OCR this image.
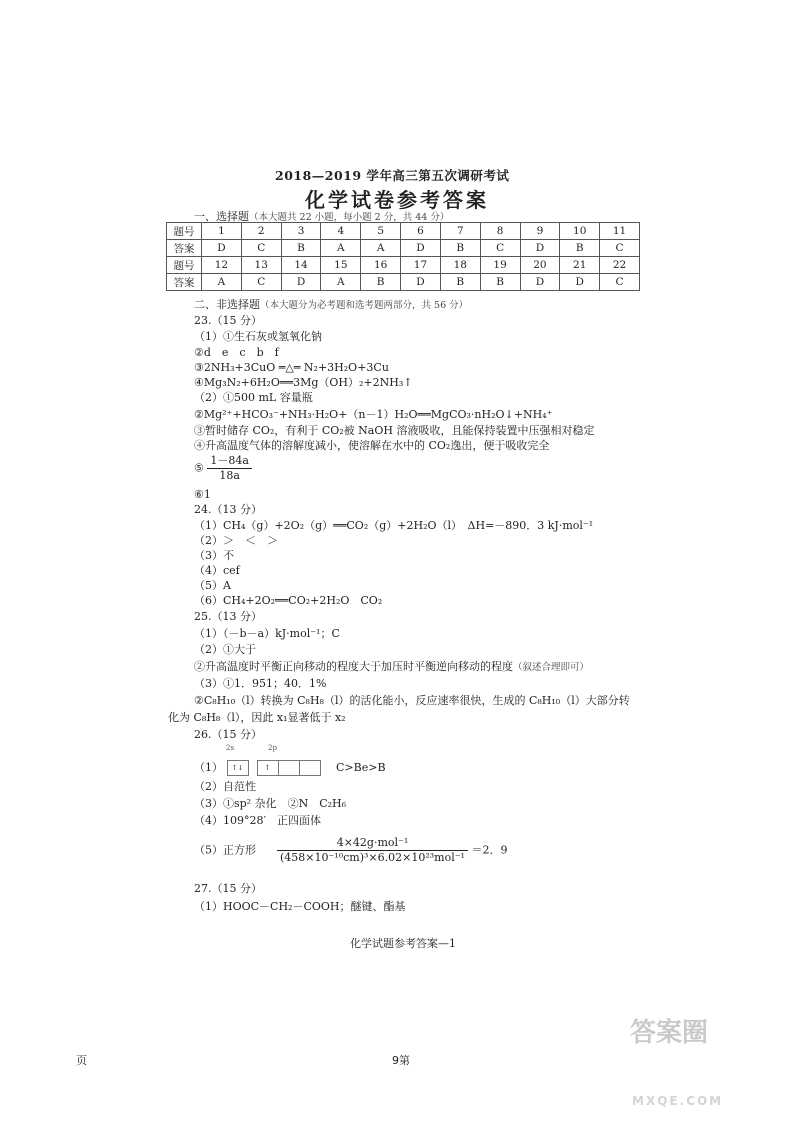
答案圈
MXQE.COM
2018—2019 学年高三第五次调研考试
化学试卷参考答案
一、选择题（本大题共 22 小题，每小题 2 分，共 44 分）
题号	1	2	3	4	5	6	7	8	9	10	11
答案	D	C	B	A	A	D	B	C	D	B	C
题号	12	13	14	15	16	17	18	19	20	21	22
答案	A	C	D	A	B	D	B	B	D	D	C
二、非选择题（本大题分为必考题和选考题两部分，共 56 分）
23.（15 分）
（1）①生石灰或氢氧化钠
②d　e　c　b　f
③2NH₃+3CuO ═△═ N₂+3H₂O+3Cu
④Mg₃N₂+6H₂O══3Mg（OH）₂+2NH₃↑
（2）①500 mL 容量瓶
②Mg²⁺+HCO₃⁻+NH₃·H₂O+（n－1）H₂O══MgCO₃·nH₂O↓+NH₄⁺
③暂时储存 CO₂，有利于 CO₂被 NaOH 溶液吸收，且能保持装置中压强相对稳定
④升高温度气体的溶解度减小，使溶解在水中的 CO₂逸出，便于吸收完全
⑤ $\frac{1-84a}{18a}$
⑥1
24.（13 分）
（1）CH₄（g）+2O₂（g）══CO₂（g）+2H₂O（l）　ΔH=－890．3 kJ·mol⁻¹
（2）＞　＜　＞
（3）不
（4）cef
（5）A
（6）CH₄+2O₂══CO₂+2H₂O　CO₂
25.（13 分）
（1）（－b－a）kJ·mol⁻¹；C
（2）①大于
②升高温度时平衡正向移动的程度大于加压时平衡逆向移动的程度（叙述合理即可）
（3）①1．951；40．1%
②C₈H₁₀（l）转换为 C₈H₈（l）的活化能小，反应速率很快，生成的 C₈H₁₀（l）大部分转
化为 C₈H₈（l），因此 x₁显著低于 x₂
26.（15 分）
2s	2p
（1） ↑↓	↑	C>Be>B
（2）自范性
（3）①sp² 杂化　②N　C₂H₆
（4）109°28′　正四面体
（5）正方形 $\frac{\text{4×42g·mol⁻¹}}{\text{(458×10⁻¹⁰cm)³×6.02×10²³mol⁻¹}} =2$．9
27.（15 分）
（1）HOOC－CH₂－COOH；醚键、酯基
化学试题参考答案—1
页	9第
